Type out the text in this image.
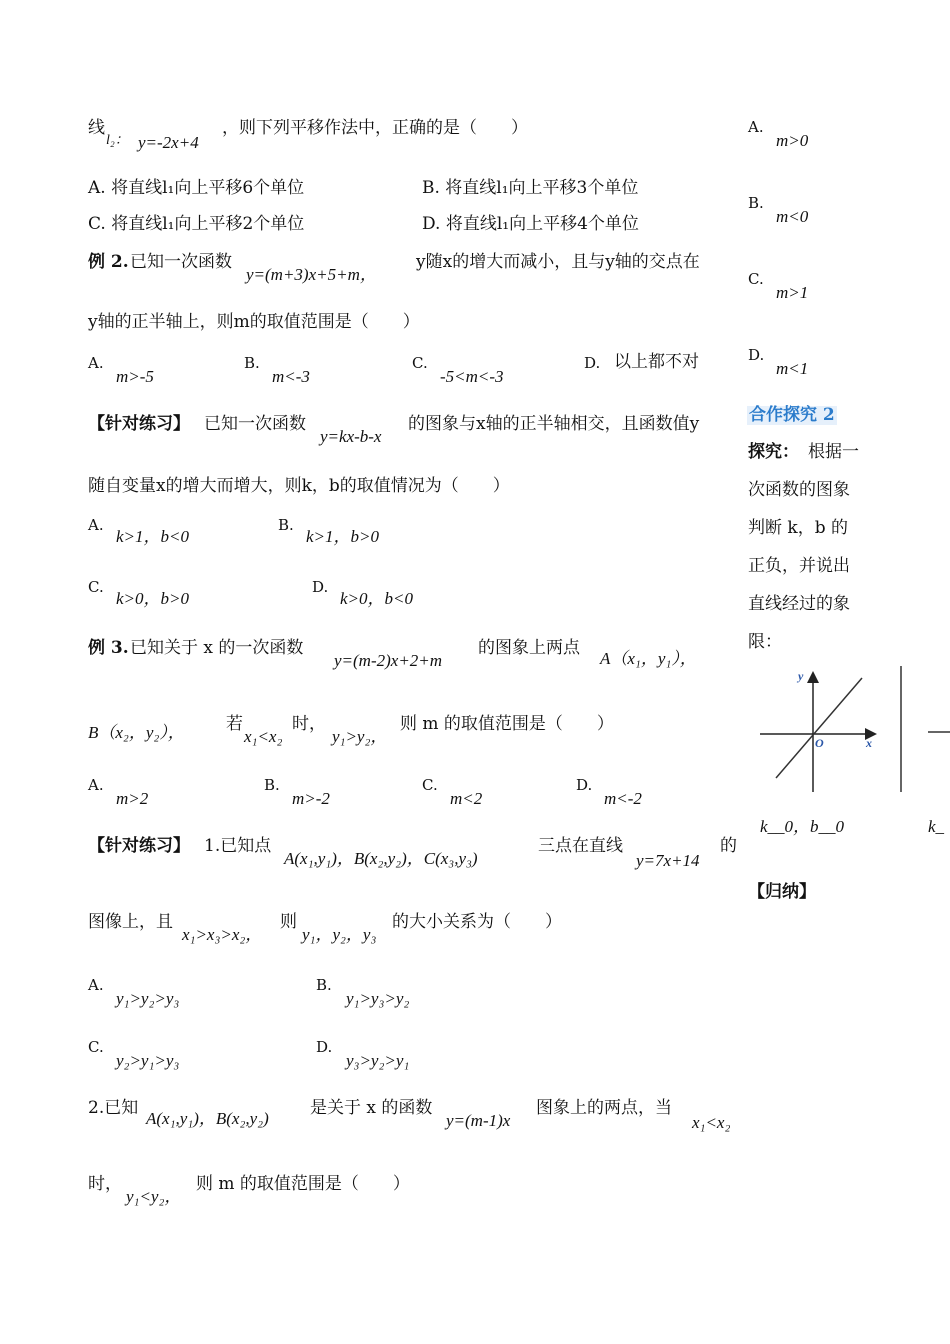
线
l₂： y=-2x+4
，则下列平移作法中，正确的是（　　）
A. 将直线l₁向上平移6个单位	B. 将直线l₁向上平移3个单位
C. 将直线l₁向上平移2个单位	D. 将直线l₁向上平移4个单位
例 2. 已知一次函数
y=(m+3)x+5+m，
y随x的增大而减小，且与y轴的交点在
y轴的正半轴上，则m的取值范围是（　　）
A.
m>-5
B.
m<-3
C.
-5<m<-3
D. 以上都不对
【针对练习】 已知一次函数
y=kx-b-x
的图象与x轴的正半轴相交，且函数值y
随自变量x的增大而增大，则k，b的取值情况为（　　）
A.
k>1，b<0
B.
k>1，b>0
C.
k>0，b>0
D.
k>0，b<0
例 3. 已知关于 x 的一次函数
y=(m-2)x+2+m
的图象上两点
A（x₁，y₁），
B（x₂，y₂）， 若
x₁<x₂
时，
y₁>y₂，
则 m 的取值范围是（　　）
A.
m>2
B.
m>-2
C.
m<2
D.
m<-2
【针对练习】 1.已知点
A(x₁,y₁)，B(x₂,y₂)，C(x₃,y₃)
三点在直线
y=7x+14
的
图像上，且
x₁>x₃>x₂，
则
y₁，y₂，y₃
的大小关系为（　　）
A.
y₁>y₂>y₃
B.
y₁>y₃>y₂
C.
y₂>y₁>y₃
D.
y₃>y₂>y₁
2.已知
A(x₁,y₁)，B(x₂,y₂)
是关于 x 的函数
y=(m-1)x
图象上的两点，当
x₁<x₂
时，
y₁<y₂，
则 m 的取值范围是（　　）
A.
m>0
B.
m<0
C.
m>1
D.
m<1
合作探究 2
探究： 根据一
次函数的图象
判断 k，b 的
正负，并说出
直线经过的象
限：
y
x
O
k__0，b__0	k_
【归纳】
